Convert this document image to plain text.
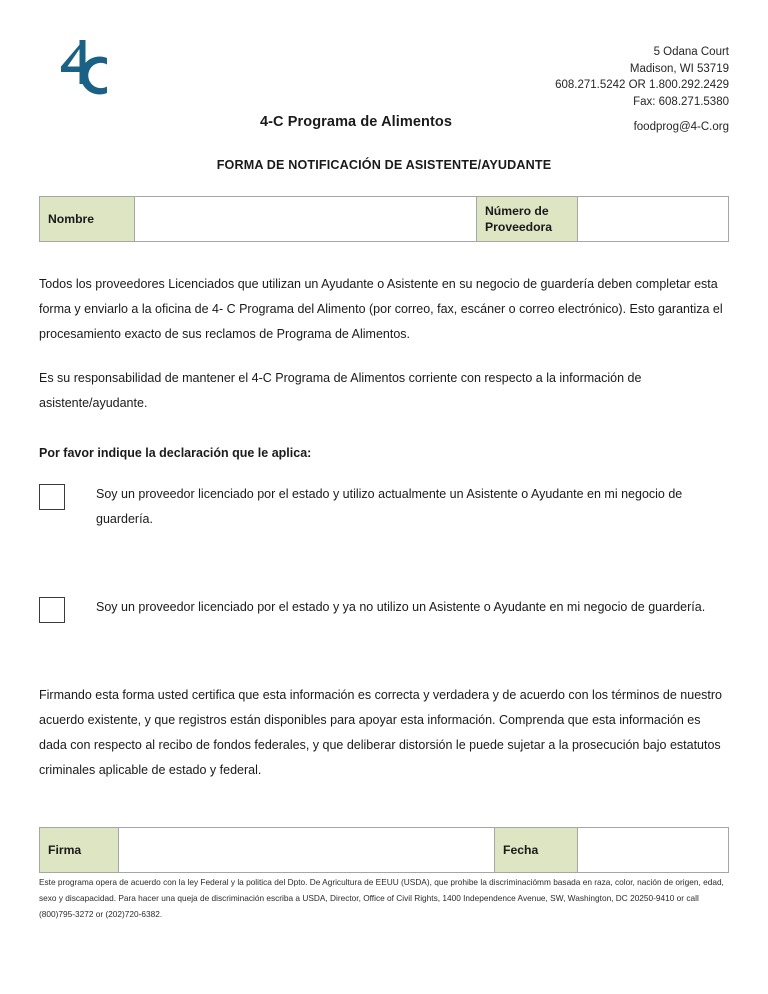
4-C Programa de Alimentos
5 Odana Court
Madison, WI 53719
608.271.5242 OR 1.800.292.2429
Fax: 608.271.5380
foodprog@4-C.org
FORMA DE NOTIFICACIÓN DE ASISTENTE/AYUDANTE
Nombre		Número de Proveedora	

Todos los proveedores Licenciados que utilizan un Ayudante o Asistente en su negocio de guardería deben completar esta forma y enviarlo a la oficina de 4- C Programa del Alimento (por correo, fax, escáner o correo electrónico). Esto garantiza el procesamiento exacto de sus reclamos de Programa de Alimentos.

Es su responsabilidad de mantener el 4-C Programa de Alimentos corriente con respecto a la información de asistente/ayudante.

Por favor indique la declaración que le aplica:
Soy un proveedor licenciado por el estado y utilizo actualmente un Asistente o Ayudante en mi negocio de guardería.
Soy un proveedor licenciado por el estado y ya no utilizo un Asistente o Ayudante en mi negocio de guardería.
Firmando esta forma usted certifica que esta información es correcta y verdadera y de acuerdo con los términos de nuestro acuerdo existente, y que registros están disponibles para apoyar esta información. Comprenda que esta información es dada con respecto al recibo de fondos federales, y que deliberar distorsión le puede sujetar a la prosecución bajo estatutos criminales aplicable de estado y federal.
Firma		Fecha	
Este programa opera de acuerdo con la ley Federal y la politica del Dpto. De Agricultura de EEUU (USDA), que prohibe la discriminaciómm basada en raza, color, nación de origen, edad, sexo y discapacidad. Para hacer una queja de discriminación escriba a USDA, Director, Office of Civil Rights, 1400 Independence Avenue, SW, Washington, DC 20250-9410 or call (800)795-3272 or (202)720-6382.
